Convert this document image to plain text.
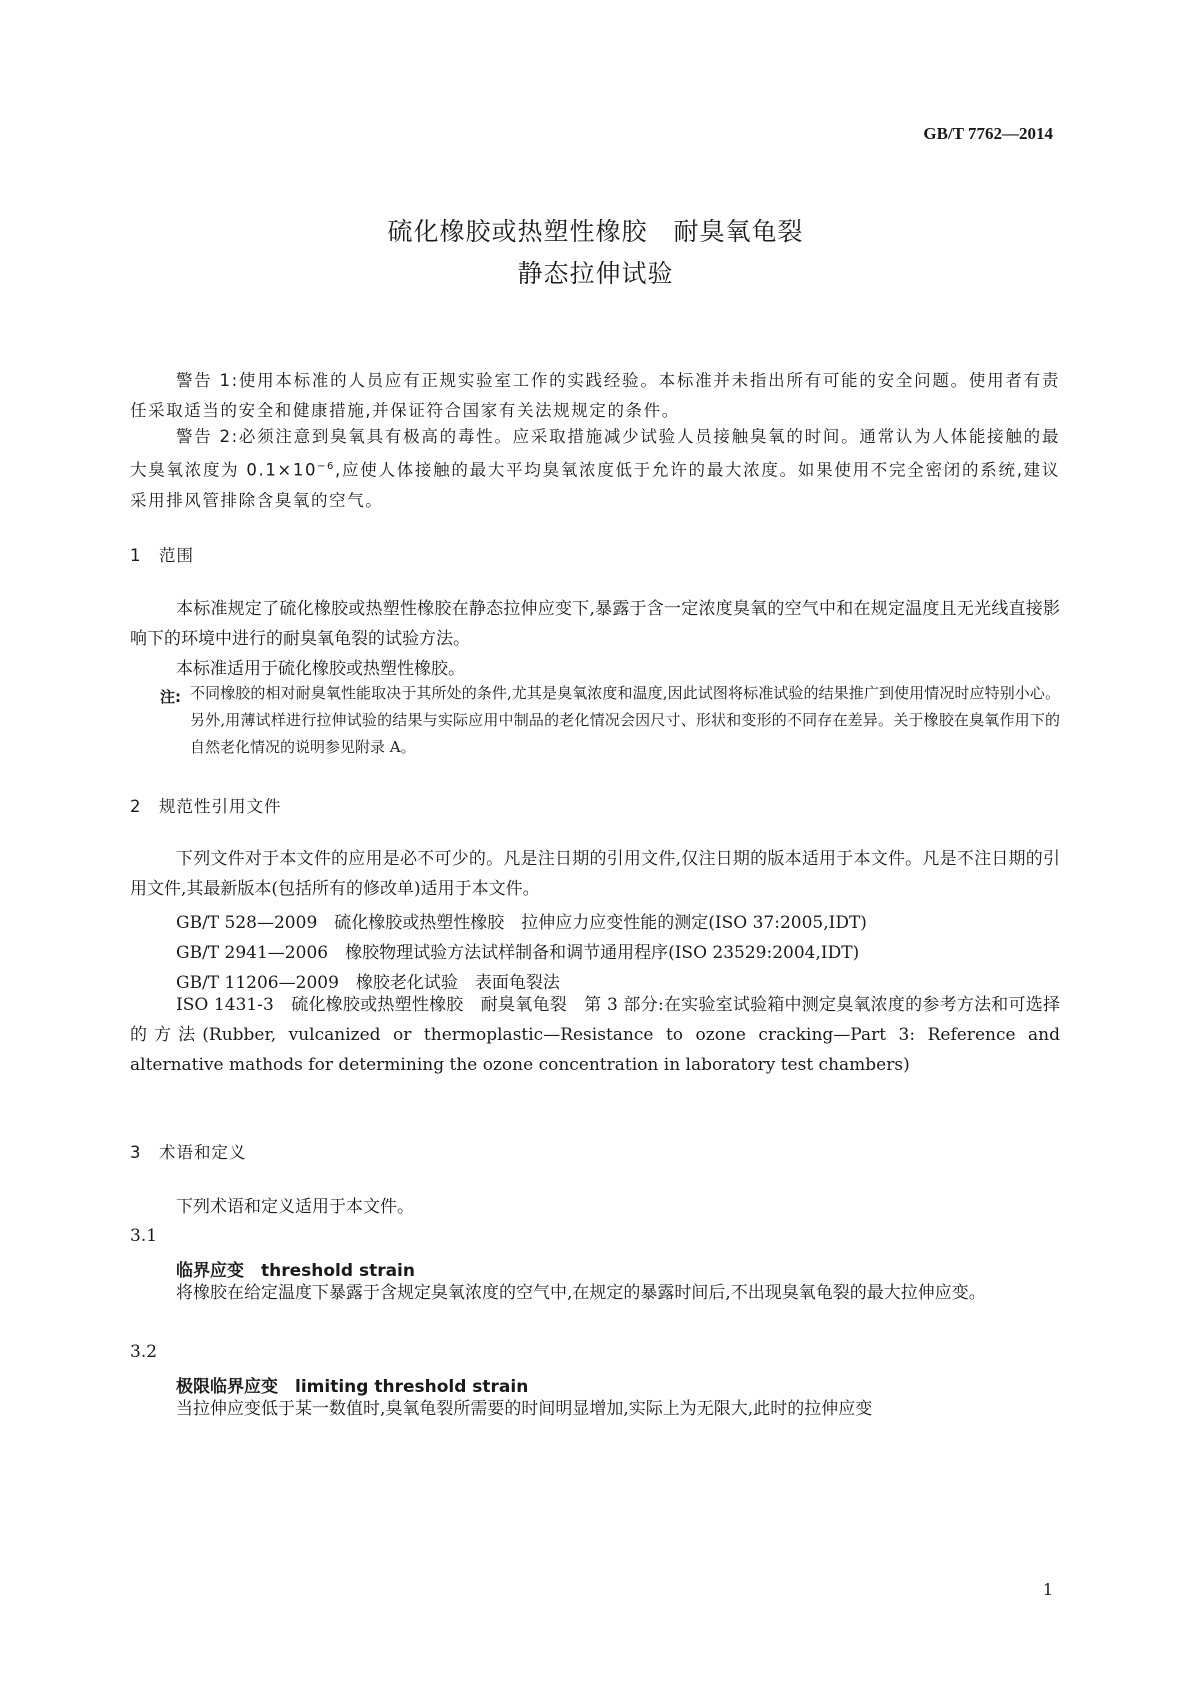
GB/T 7762—2014
硫化橡胶或热塑性橡胶　耐臭氧龟裂
静态拉伸试验
警告 1:使用本标准的人员应有正规实验室工作的实践经验。本标准并未指出所有可能的安全问题。使用者有责任采取适当的安全和健康措施,并保证符合国家有关法规规定的条件。
警告 2:必须注意到臭氧具有极高的毒性。应采取措施减少试验人员接触臭氧的时间。通常认为人体能接触的最大臭氧浓度为 $0.1\times 10^{-6}$,应使人体接触的最大平均臭氧浓度低于允许的最大浓度。如果使用不完全密闭的系统,建议采用排风管排除含臭氧的空气。
1　范围
本标准规定了硫化橡胶或热塑性橡胶在静态拉伸应变下,暴露于含一定浓度臭氧的空气中和在规定温度且无光线直接影响下的环境中进行的耐臭氧龟裂的试验方法。
本标准适用于硫化橡胶或热塑性橡胶。
注: 不同橡胶的相对耐臭氧性能取决于其所处的条件,尤其是臭氧浓度和温度,因此试图将标准试验的结果推广到使用情况时应特别小心。另外,用薄试样进行拉伸试验的结果与实际应用中制品的老化情况会因尺寸、形状和变形的不同存在差异。关于橡胶在臭氧作用下的自然老化情况的说明参见附录 A。
2　规范性引用文件
下列文件对于本文件的应用是必不可少的。凡是注日期的引用文件,仅注日期的版本适用于本文件。凡是不注日期的引用文件,其最新版本(包括所有的修改单)适用于本文件。
GB/T 528—2009　硫化橡胶或热塑性橡胶　拉伸应力应变性能的测定(ISO 37:2005,IDT)
GB/T 2941—2006　橡胶物理试验方法试样制备和调节通用程序(ISO 23529:2004,IDT)
GB/T 11206—2009　橡胶老化试验　表面龟裂法
ISO 1431-3　硫化橡胶或热塑性橡胶　耐臭氧龟裂　第 3 部分:在实验室试验箱中测定臭氧浓度的参考方法和可选择的方法(Rubber, vulcanized or thermoplastic—Resistance to ozone cracking—Part 3: Reference and alternative mathods for determining the ozone concentration in laboratory test chambers)
3　术语和定义
下列术语和定义适用于本文件。
3.1
临界应变　threshold strain
将橡胶在给定温度下暴露于含规定臭氧浓度的空气中,在规定的暴露时间后,不出现臭氧龟裂的最大拉伸应变。
3.2
极限临界应变　limiting threshold strain
当拉伸应变低于某一数值时,臭氧龟裂所需要的时间明显增加,实际上为无限大,此时的拉伸应变
1
